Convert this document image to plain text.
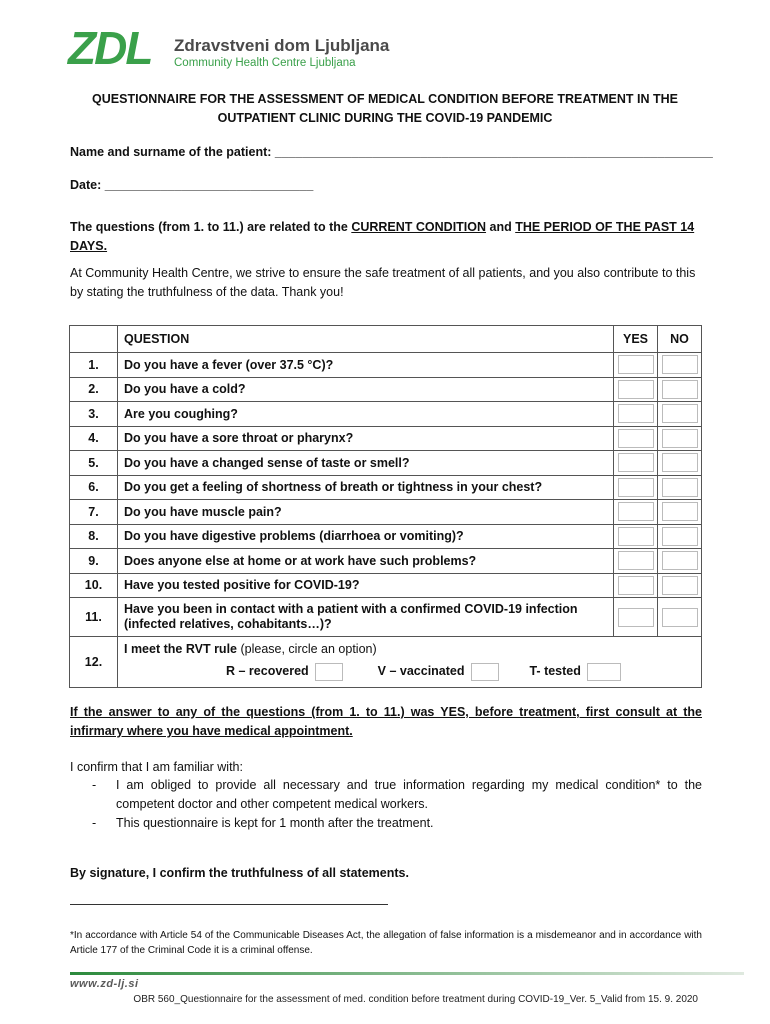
ZDL Zdravstveni dom Ljubljana
Community Health Centre Ljubljana
QUESTIONNAIRE FOR THE ASSESSMENT OF MEDICAL CONDITION BEFORE TREATMENT IN THE
OUTPATIENT CLINIC DURING THE COVID-19 PANDEMIC
Name and surname of the patient: _______________________________________________________________
Date: ______________________________
The questions (from 1. to 11.) are related to the CURRENT CONDITION and THE PERIOD OF THE PAST 14 DAYS.
At Community Health Centre, we strive to ensure the safe treatment of all patients, and you also contribute to this by stating the truthfulness of the data. Thank you!
	QUESTION	YES	NO
1.	Do you have a fever (over 37.5 °C)?	

2.	Do you have a cold?	

3.	Are you coughing?	

4.	Do you have a sore throat or pharynx?	

5.	Do you have a changed sense of taste or smell?	

6.	Do you get a feeling of shortness of breath or tightness in your chest?	

7.	Do you have muscle pain?	

8.	Do you have digestive problems (diarrhoea or vomiting)?	

9.	Does anyone else at home or at work have such problems?	

10.	Have you tested positive for COVID-19?	

11.	Have you been in contact with a patient with a confirmed COVID-19 infection
(infected relatives, cohabitants…)?		

12.	I meet the RVT rule (please, circle an option)
R – recovered V – vaccinated T- tested		
If the answer to any of the questions (from 1. to 11.) was YES, before treatment, first consult at the infirmary where you have medical appointment.
I confirm that I am familiar with:
- I am obliged to provide all necessary and true information regarding my medical condition* to the competent doctor and other competent medical workers.
- This questionnaire is kept for 1 month after the treatment.
By signature, I confirm the truthfulness of all statements.
*In accordance with Article 54 of the Communicable Diseases Act, the allegation of false information is a misdemeanor and in accordance with Article 177 of the Criminal Code it is a criminal offense.
www.zd-lj.si
OBR 560_Questionnaire for the assessment of med. condition before treatment during COVID-19_Ver. 5_Valid from 15. 9. 2020
